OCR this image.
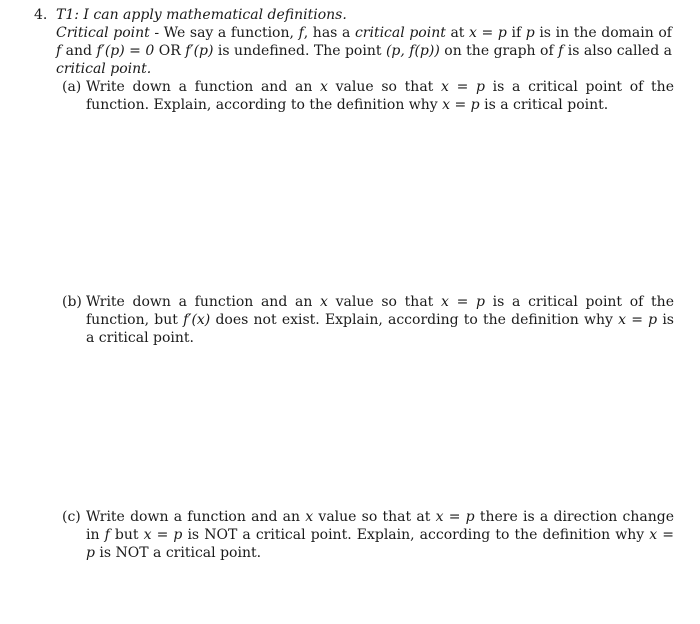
4. T1: I can apply mathematical definitions.
Critical point - We say a function, f, has a critical point at x = p if p is in the domain of f and f′(p) = 0 OR f′(p) is undefined. The point (p, f(p)) on the graph of f is also called a critical point.
(a) Write down a function and an x value so that x = p is a critical point of the function. Explain, according to the definition why x = p is a critical point.
(b) Write down a function and an x value so that x = p is a critical point of the function, but f′(x) does not exist. Explain, according to the definition why x = p is a critical point.
(c) Write down a function and an x value so that at x = p there is a direction change in f but x = p is NOT a critical point. Explain, according to the definition why x = p is NOT a critical point.
